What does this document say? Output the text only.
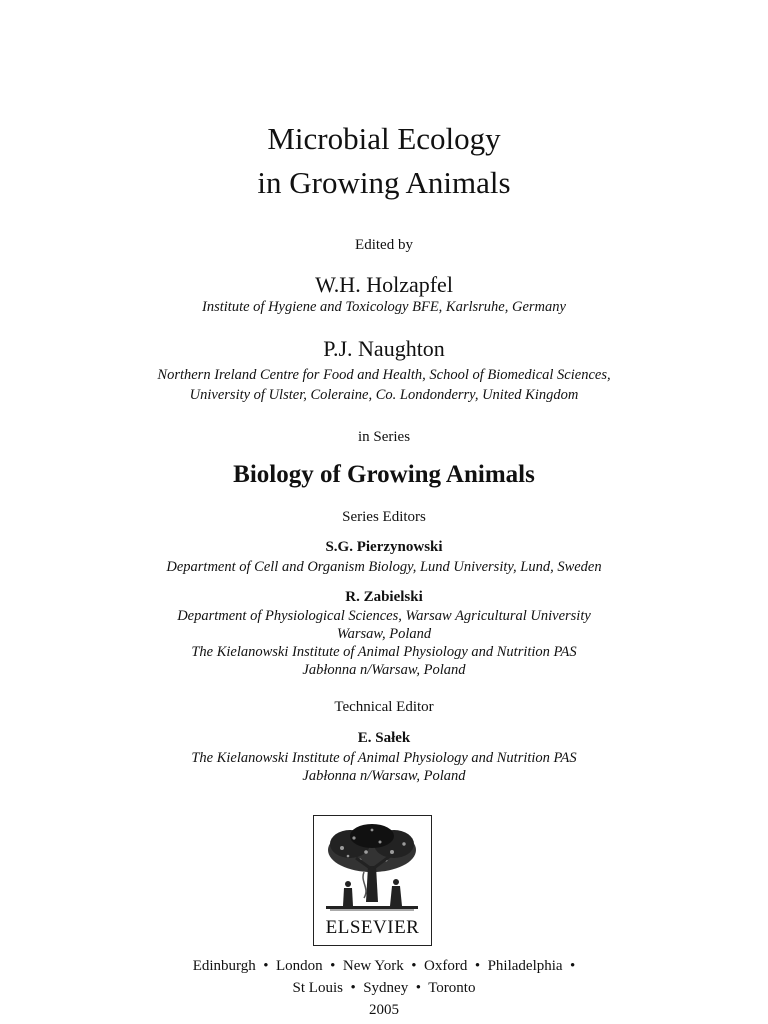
Microbial Ecology
in Growing Animals
Edited by
W.H. Holzapfel
Institute of Hygiene and Toxicology BFE, Karlsruhe, Germany
P.J. Naughton
Northern Ireland Centre for Food and Health, School of Biomedical Sciences,
University of Ulster, Coleraine, Co. Londonderry, United Kingdom
in Series
Biology of Growing Animals
Series Editors
S.G. Pierzynowski
Department of Cell and Organism Biology, Lund University, Lund, Sweden
R. Zabielski
Department of Physiological Sciences, Warsaw Agricultural University
Warsaw, Poland
The Kielanowski Institute of Animal Physiology and Nutrition PAS
Jabłonna n/Warsaw, Poland
Technical Editor
E. Sałek
The Kielanowski Institute of Animal Physiology and Nutrition PAS
Jabłonna n/Warsaw, Poland
ELSEVIER
Edinburgh  •  London  •  New York  •  Oxford  •  Philadelphia  •
St Louis  •  Sydney  •  Toronto
2005
